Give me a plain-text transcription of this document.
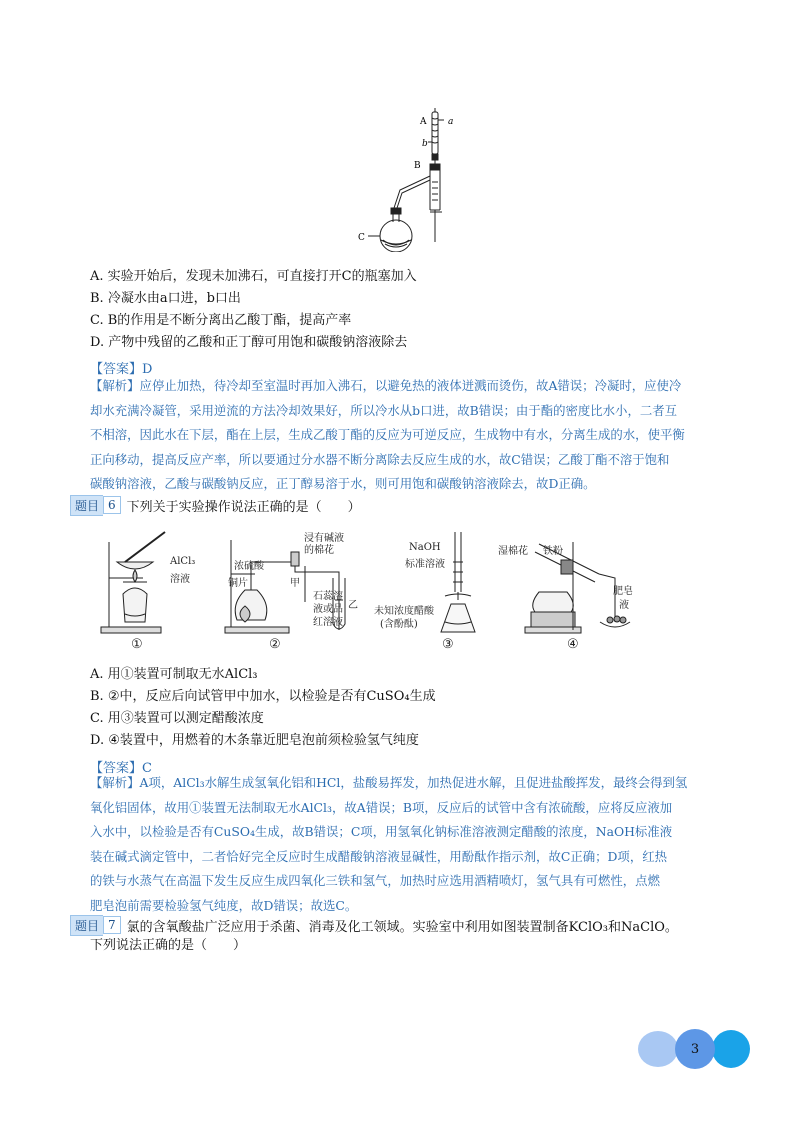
A a
b
B
C
A. 实验开始后，发现未加沸石，可直接打开C的瓶塞加入
B. 冷凝水由a口进，b口出
C. B的作用是不断分离出乙酸丁酯，提高产率
D. 产物中残留的乙酸和正丁醇可用饱和碳酸钠溶液除去
【答案】D

【解析】应停止加热，待冷却至室温时再加入沸石，以避免热的液体迸溅而烫伤，故A错误；冷凝时，应使冷

却水充满冷凝管，采用逆流的方法冷却效果好，所以冷水从b口进，故B错误；由于酯的密度比水小，二者互

不相溶，因此水在下层，酯在上层，生成乙酸丁酯的反应为可逆反应，生成物中有水，分离生成的水，使平衡

正向移动，提高反应产率，所以要通过分水器不断分离除去反应生成的水，故C错误；乙酸丁酯不溶于饱和

碳酸钠溶液，乙酸与碳酸钠反应，正丁醇易溶于水，则可用饱和碳酸钠溶液除去，故D正确。

题目 6 下列关于实验操作说法正确的是（　　）
AlCl₃
溶液
浸有碱液
的棉花
浓硫酸
铜片	甲
石蕊溶
液或品
红溶液
乙
NaOH
标准溶液
未知浓度醋酸
(含酚酞)
湿棉花 铁粉
肥皂
液
①	②	③	④
A. 用①装置可制取无水AlCl₃
B. ②中，反应后向试管甲中加水，以检验是否有CuSO₄生成
C. 用③装置可以测定醋酸浓度
D. ④装置中，用燃着的木条靠近肥皂泡前须检验氢气纯度
【答案】C

【解析】A项，AlCl₃水解生成氢氧化铝和HCl，盐酸易挥发，加热促进水解，且促进盐酸挥发，最终会得到氢

氧化铝固体，故用①装置无法制取无水AlCl₃，故A错误；B项，反应后的试管中含有浓硫酸，应将反应液加

入水中，以检验是否有CuSO₄生成，故B错误；C项，用氢氧化钠标准溶液测定醋酸的浓度，NaOH标准液

装在碱式滴定管中，二者恰好完全反应时生成醋酸钠溶液显碱性，用酚酞作指示剂，故C正确；D项，红热

的铁与水蒸气在高温下发生反应生成四氧化三铁和氢气，加热时应选用酒精喷灯，氢气具有可燃性，点燃

肥皂泡前需要检验氢气纯度，故D错误；故选C。

题目 7 氯的含氧酸盐广泛应用于杀菌、消毒及化工领域。实验室中利用如图装置制备KClO₃和NaClO。
下列说法正确的是（　　）
3
